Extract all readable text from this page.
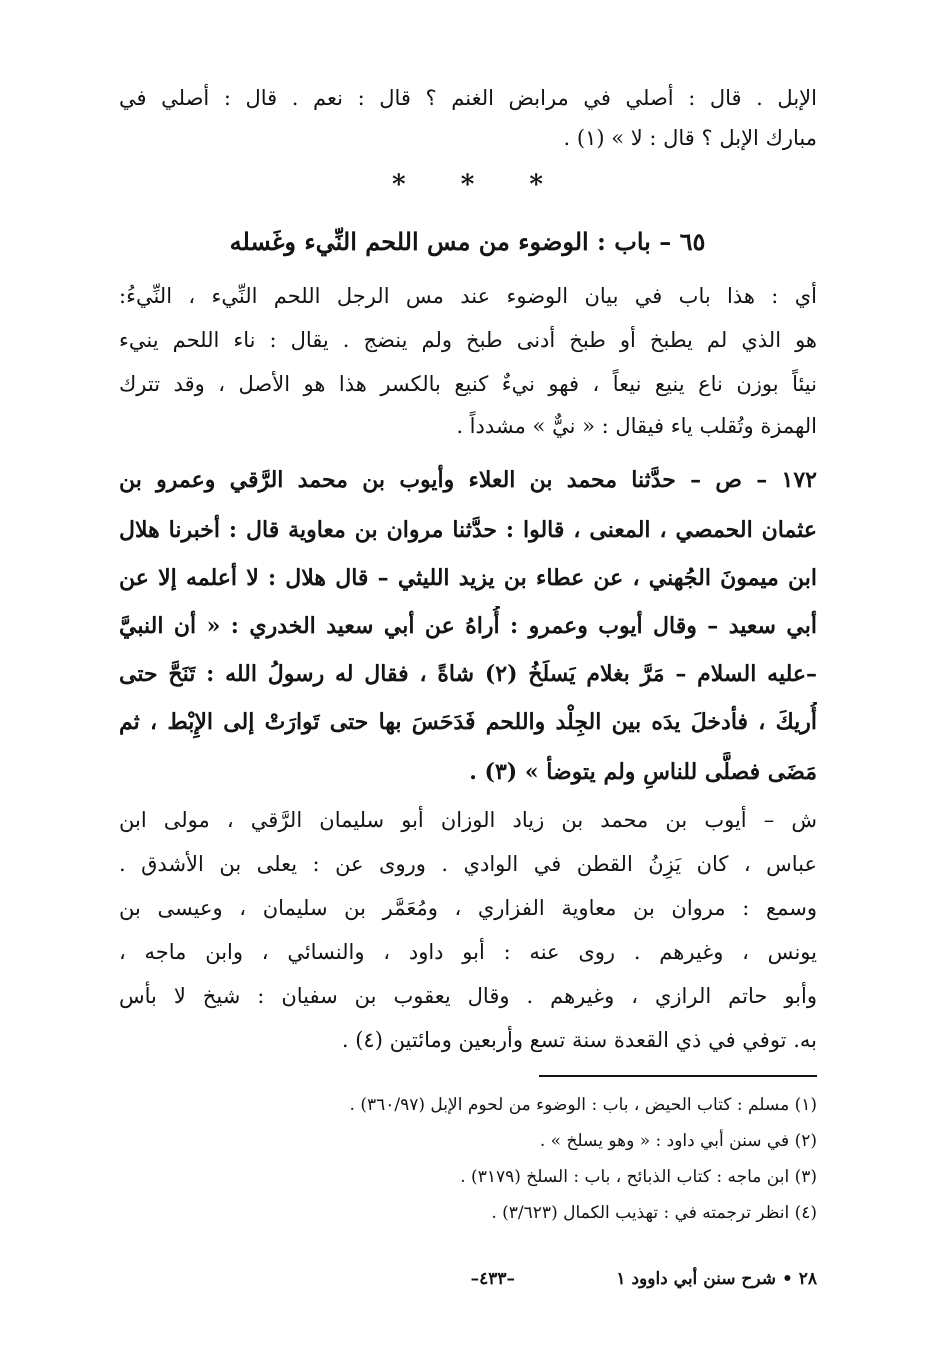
الإبل . قال : أصلي في مرابض الغنم ؟ قال : نعم . قال : أصلي في
مبارك الإبل ؟ قال : لا » (١) .
* * *
٦٥ – باب : الوضوء من مس اللحم النِّيء وغَسله
أي : هذا باب في بيان الوضوء عند مس الرجل اللحم النِّيء ، النِّيءُ:
هو الذي لم يطبخ أو طبخ أدنى طبخ ولم ينضج . يقال : ناء اللحم ينيء
نيئاً بوزن ناع ينيع نيعاً ، فهو نيءٌ كنيع بالكسر هذا هو الأصل ، وقد تترك
الهمزة وتُقلب ياء فيقال : « نيٌّ » مشدداً .
١٧٢ – ص – حدَّثنا محمد بن العلاء وأيوب بن محمد الرَّقي وعمرو بن
عثمان الحمصي ، المعنى ، قالوا : حدَّثنا مروان بن معاوية قال : أخبرنا هلال
ابن ميمونَ الجُهني ، عن عطاء بن يزيد الليثي – قال هلال : لا أعلمه إلا عن
أبي سعيد – وقال أيوب وعمرو : أُراهُ عن أبي سعيد الخدري : « أن النبيَّ
–عليه السلام – مَرَّ بغلام يَسلَخُ (٢) شاةً ، فقال له رسولُ الله : تَنَحَّ حتى
أُريكَ ، فأدخلَ يدَه بين الجِلْد واللحم فَدَحَسَ بها حتى تَوارَتْ إلى الإِبْط ، ثم
مَضَى فصلَّى للناسِ ولم يتوضأ » (٣) .
ش – أيوب بن محمد بن زياد الوزان أبو سليمان الرَّقي ، مولى ابن
عباس ، كان يَزِنُ القطن في الوادي . وروى عن : يعلى بن الأشدق .
وسمع : مروان بن معاوية الفزاري ، ومُعَمَّر بن سليمان ، وعيسى بن
يونس ، وغيرهم . روى عنه : أبو داود ، والنسائي ، وابن ماجه ،
وأبو حاتم الرازي ، وغيرهم . وقال يعقوب بن سفيان : شيخ لا بأس
به. توفي في ذي القعدة سنة تسع وأربعين ومائتين (٤) .
(١) مسلم : كتاب الحيض ، باب : الوضوء من لحوم الإبل (٣٦٠/٩٧) .
(٢) في سنن أبي داود : « وهو يسلخ » .
(٣) ابن ماجه : كتاب الذبائح ، باب : السلخ (٣١٧٩) .
(٤) انظر ترجمته في : تهذيب الكمال (٣/٦٢٣) .
٢٨ • شرح سنن أبي داوود ١
–٤٣٣–
